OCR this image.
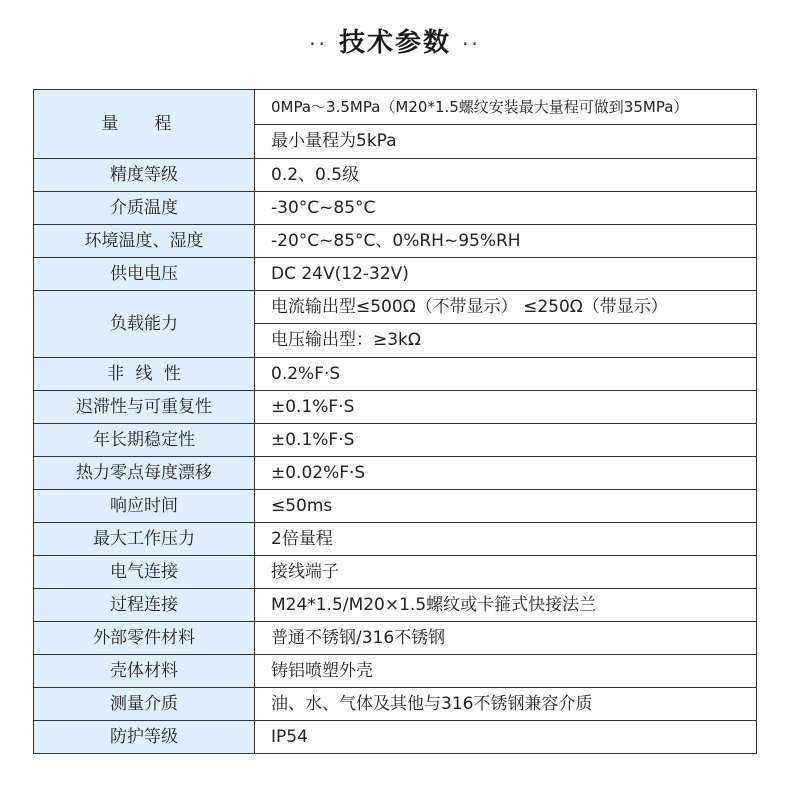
·· 技术参数 ··
量 程	0MPa～3.5MPa（M20*1.5螺纹安装最大量程可做到35MPa）
	最小量程为5kPa
精度等级	0.2、0.5级
介质温度	-30°C~85°C
环境温度、湿度	-20°C~85°C、0%RH~95%RH
供电电压	DC 24V(12-32V)
负载能力	电流输出型≤500Ω（不带显示） ≤250Ω（带显示）
	电压输出型：≥3kΩ
非 线 性	0.2%F·S
迟滞性与可重复性	±0.1%F·S
年长期稳定性	±0.1%F·S
热力零点每度漂移	±0.02%F·S
响应时间	≤50ms
最大工作压力	2倍量程
电气连接	接线端子
过程连接	M24*1.5/M20×1.5螺纹或卡箍式快接法兰
外部零件材料	普通不锈钢/316不锈钢
壳体材料	铸铝喷塑外壳
测量介质	油、水、气体及其他与316不锈钢兼容介质
防护等级	IP54
